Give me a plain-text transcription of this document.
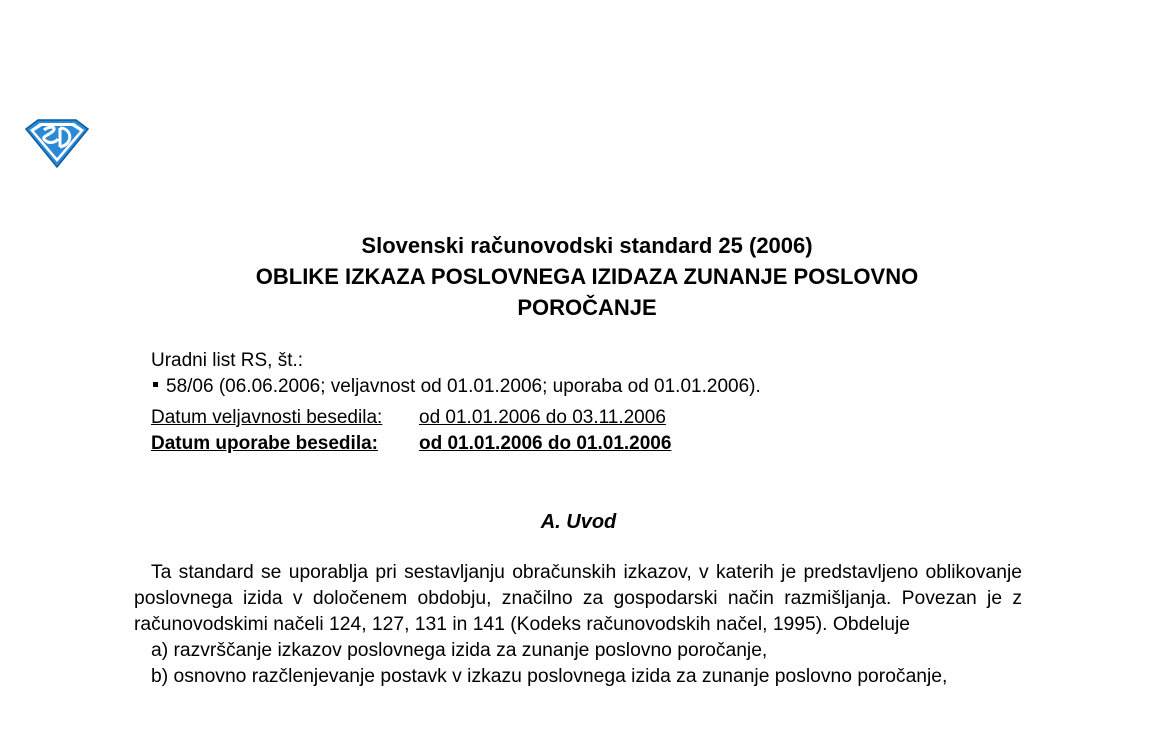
Slovenski računovodski standard 25 (2006)
OBLIKE IZKAZA POSLOVNEGA IZIDAZA ZUNANJE POSLOVNO
POROČANJE
Uradni list RS, št.:
58/06 (06.06.2006; veljavnost od 01.01.2006; uporaba od 01.01.2006).
Datum veljavnosti besedila: od 01.01.2006 do 03.11.2006
Datum uporabe besedila: od 01.01.2006 do 01.01.2006
A. Uvod

Ta standard se uporablja pri sestavljanju obračunskih izkazov, v katerih je predstavljeno oblikovanje poslovnega izida v določenem obdobju, značilno za gospodarski način razmišljanja. Povezan je z računovodskimi načeli 124, 127, 131 in 141 (Kodeks računovodskih načel, 1995). Obdeluje

a) razvrščanje izkazov poslovnega izida za zunanje poslovno poročanje,

b) osnovno razčlenjevanje postavk v izkazu poslovnega izida za zunanje poslovno poročanje,
